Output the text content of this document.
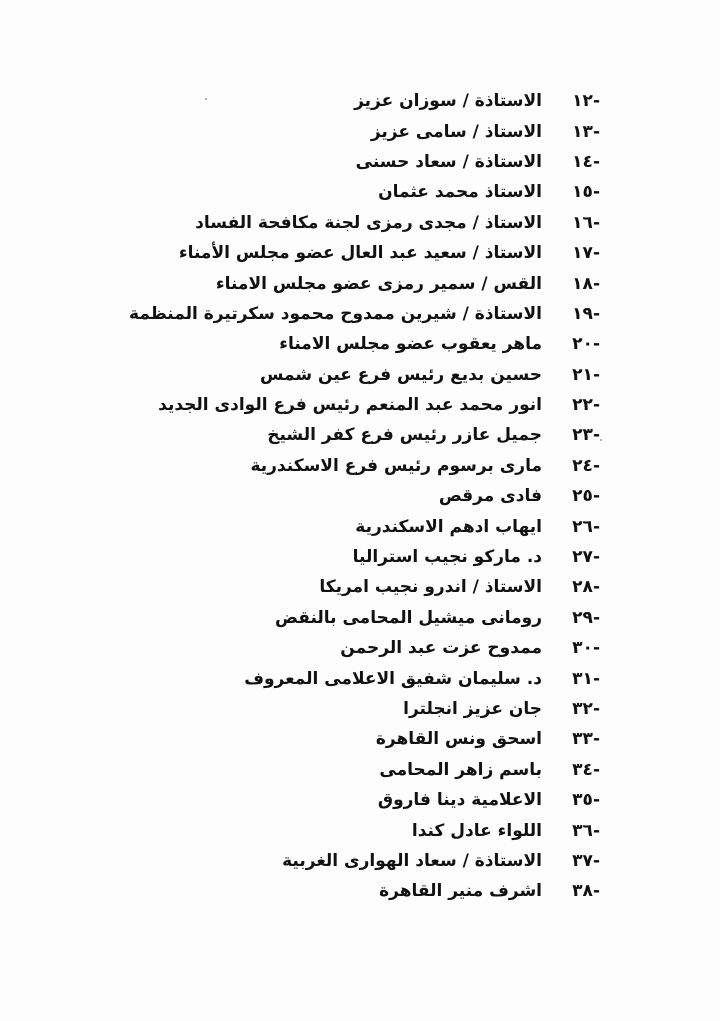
-١٢
الاستاذة / سوزان عزيز
-١٣
الاستاذ / سامى عزيز
-١٤
الاستاذة / سعاد حسنى
-١٥
الاستاذ محمد عثمان
-١٦
الاستاذ / مجدى رمزى لجنة مكافحة الفساد
-١٧
الاستاذ / سعيد عبد العال عضو مجلس الأمناء
-١٨
القس / سمير رمزى عضو مجلس الامناء
-١٩
الاستاذة / شيرين ممدوح محمود سكرتيرة المنظمة
-٢٠
ماهر يعقوب عضو مجلس الامناء
-٢١
حسين بديع رئيس فرع عين شمس
-٢٢
انور محمد عبد المنعم رئيس فرع الوادى الجديد
-٢٣
جميل عازر رئيس فرع كفر الشيخ
-٢٤
مارى برسوم رئيس فرع الاسكندرية
-٢٥
فادى مرقص
-٢٦
ايهاب ادهم الاسكندرية
-٢٧
د. ماركو نجيب استراليا
-٢٨
الاستاذ / اندرو نجيب امريكا
-٢٩
رومانى ميشيل المحامى بالنقض
-٣٠
ممدوح عزت عبد الرحمن
-٣١
د. سليمان شفيق الاعلامى المعروف
-٣٢
جان عزيز انجلترا
-٣٣
اسحق ونس القاهرة
-٣٤
باسم زاهر المحامى
-٣٥
الاعلامية دينا فاروق
-٣٦
اللواء عادل كندا
-٣٧
الاستاذة / سعاد الهوارى الغربية
-٣٨
اشرف منير القاهرة
